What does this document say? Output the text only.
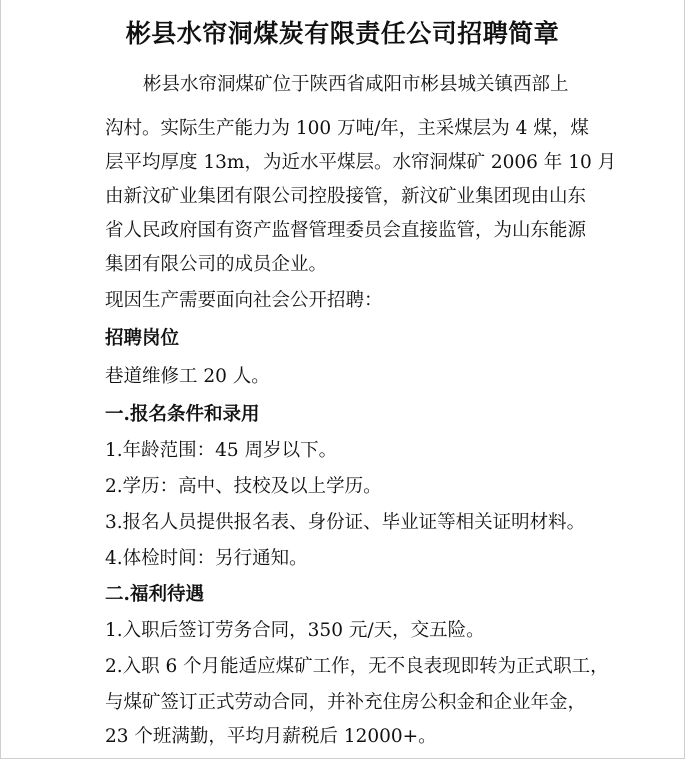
彬县水帘洞煤炭有限责任公司招聘简章
彬县水帘洞煤矿位于陕西省咸阳市彬县城关镇西部上
沟村。实际生产能力为 100 万吨/年，主采煤层为 4 煤，煤
层平均厚度 13m，为近水平煤层。水帘洞煤矿 2006 年 10 月
由新汶矿业集团有限公司控股接管，新汶矿业集团现由山东
省人民政府国有资产监督管理委员会直接监管，为山东能源
集团有限公司的成员企业。
现因生产需要面向社会公开招聘：
招聘岗位
巷道维修工 20 人。
一.报名条件和录用
1.年龄范围：45 周岁以下。
2.学历：高中、技校及以上学历。
3.报名人员提供报名表、身份证、毕业证等相关证明材料。
4.体检时间：另行通知。
二.福利待遇
1.入职后签订劳务合同，350 元/天，交五险。
2.入职 6 个月能适应煤矿工作，无不良表现即转为正式职工，
与煤矿签订正式劳动合同，并补充住房公积金和企业年金，
23 个班满勤，平均月薪税后 12000+。
